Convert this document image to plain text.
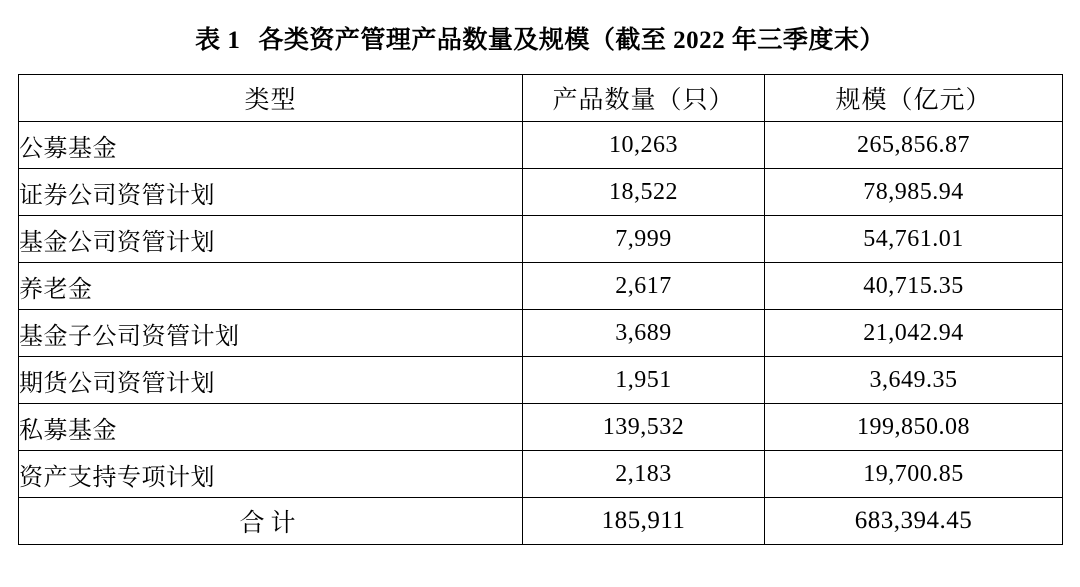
表 1 各类资产管理产品数量及规模（截至 2022 年三季度末）
类型	产品数量（只）	规模（亿元）
公募基金	10,263	265,856.87
证券公司资管计划	18,522	78,985.94
基金公司资管计划	7,999	54,761.01
养老金	2,617	40,715.35
基金子公司资管计划	3,689	21,042.94
期货公司资管计划	1,951	3,649.35
私募基金	139,532	199,850.08
资产支持专项计划	2,183	19,700.85
合计	185,911	683,394.45
